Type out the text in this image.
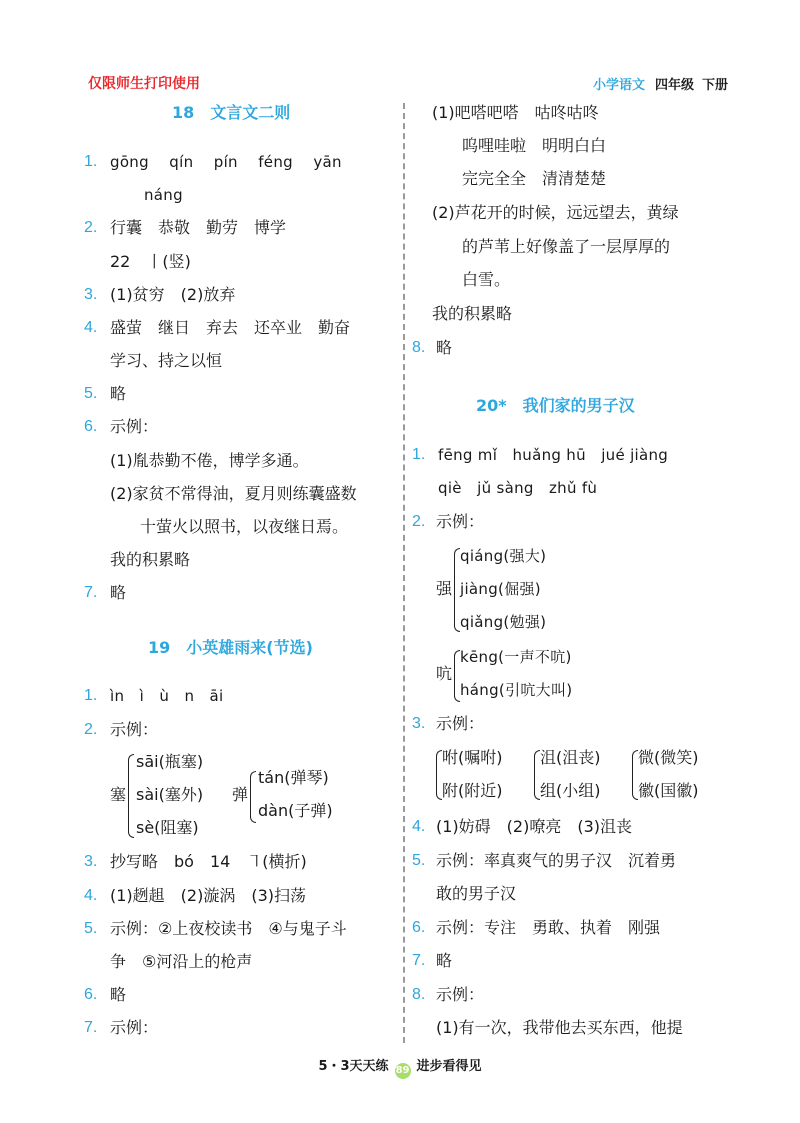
仅限师生打印使用	小学语文 四年级 下册
18　文言文二则
1. gōng　 qín　 pín　 féng　 yān
náng
2. 行囊　恭敬　勤劳　博学
22　丨(竖)
3. (1)贫穷　(2)放弃
4. 盛萤　继日　弃去　还卒业　勤奋
学习、持之以恒
5. 略
6. 示例：
(1)胤恭勤不倦，博学多通。
(2)家贫不常得油，夏月则练囊盛数
十萤火以照书，以夜继日焉。
我的积累略
7. 略
19　小英雄雨来(节选)
1. ìn　ì　ù　n　āi
2. 示例：
塞
sāi(瓶塞)
sài(塞外)
sè(阻塞)
弹
tán(弹琴)
dàn(子弹)
3. 抄写略　bó　14　㇕(横折)
4. (1)趔趄　(2)漩涡　(3)扫荡
5. 示例：②上夜校读书　④与鬼子斗
争　⑤河沿上的枪声
6. 略
7. 示例：
(1)吧嗒吧嗒　咕咚咕咚
呜哩哇啦　明明白白
完完全全　清清楚楚
(2)芦花开的时候，远远望去，黄绿
的芦苇上好像盖了一层厚厚的
白雪。
我的积累略
8. 略
20*　我们家的男子汉
1. fēng mǐ　huǎng hū　jué jiàng
qiè　jǔ sàng　zhǔ fù
2. 示例：
强
qiáng(强大)
jiàng(倔强)
qiǎng(勉强)
吭
kēng(一声不吭)
háng(引吭大叫)
3. 示例：
咐(嘱咐)
附(附近)
沮(沮丧)
组(小组)
微(微笑)
徽(国徽)
4. (1)妨碍　(2)嘹亮　(3)沮丧
5. 示例：率真爽气的男子汉　沉着勇
敢的男子汉
6. 示例：专注　勇敢、执着　刚强
7. 略
8. 示例：
(1)有一次，我带他去买东西，他提
5・3天天练 89 进步看得见
